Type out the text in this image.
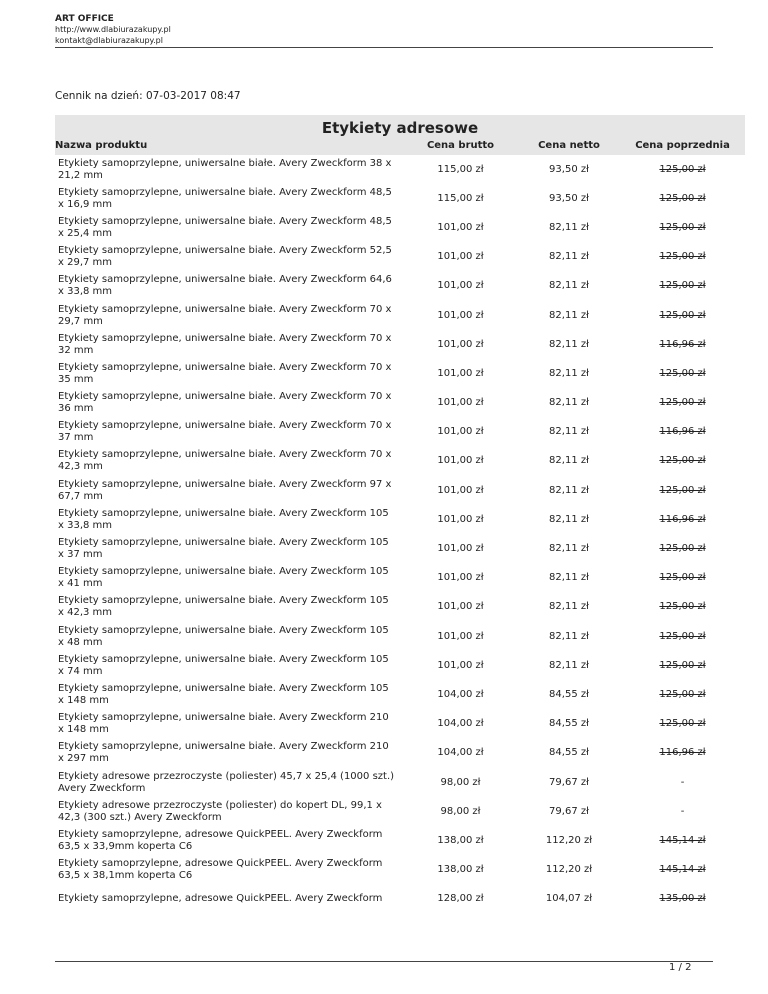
ART OFFICE
http://www.dlabiurazakupy.pl
kontakt@dlabiurazakupy.pl
Cennik na dzień: 07-03-2017 08:47
Etykiety adresowe			
Nazwa produktu	Cena brutto	Cena netto	Cena poprzednia
Etykiety samoprzylepne, uniwersalne białe. Avery Zweckform 38 x 21,2 mm	115,00 zł	93,50 zł	125,00 zł
Etykiety samoprzylepne, uniwersalne białe. Avery Zweckform 48,5 x 16,9 mm	115,00 zł	93,50 zł	125,00 zł
Etykiety samoprzylepne, uniwersalne białe. Avery Zweckform 48,5 x 25,4 mm	101,00 zł	82,11 zł	125,00 zł
Etykiety samoprzylepne, uniwersalne białe. Avery Zweckform 52,5 x 29,7 mm	101,00 zł	82,11 zł	125,00 zł
Etykiety samoprzylepne, uniwersalne białe. Avery Zweckform 64,6 x 33,8 mm	101,00 zł	82,11 zł	125,00 zł
Etykiety samoprzylepne, uniwersalne białe. Avery Zweckform 70 x 29,7 mm	101,00 zł	82,11 zł	125,00 zł
Etykiety samoprzylepne, uniwersalne białe. Avery Zweckform 70 x 32 mm	101,00 zł	82,11 zł	116,96 zł
Etykiety samoprzylepne, uniwersalne białe. Avery Zweckform 70 x 35 mm	101,00 zł	82,11 zł	125,00 zł
Etykiety samoprzylepne, uniwersalne białe. Avery Zweckform 70 x 36 mm	101,00 zł	82,11 zł	125,00 zł
Etykiety samoprzylepne, uniwersalne białe. Avery Zweckform 70 x 37 mm	101,00 zł	82,11 zł	116,96 zł
Etykiety samoprzylepne, uniwersalne białe. Avery Zweckform 70 x 42,3 mm	101,00 zł	82,11 zł	125,00 zł
Etykiety samoprzylepne, uniwersalne białe. Avery Zweckform 97 x 67,7 mm	101,00 zł	82,11 zł	125,00 zł
Etykiety samoprzylepne, uniwersalne białe. Avery Zweckform 105 x 33,8 mm	101,00 zł	82,11 zł	116,96 zł
Etykiety samoprzylepne, uniwersalne białe. Avery Zweckform 105 x 37 mm	101,00 zł	82,11 zł	125,00 zł
Etykiety samoprzylepne, uniwersalne białe. Avery Zweckform 105 x 41 mm	101,00 zł	82,11 zł	125,00 zł
Etykiety samoprzylepne, uniwersalne białe. Avery Zweckform 105 x 42,3 mm	101,00 zł	82,11 zł	125,00 zł
Etykiety samoprzylepne, uniwersalne białe. Avery Zweckform 105 x 48 mm	101,00 zł	82,11 zł	125,00 zł
Etykiety samoprzylepne, uniwersalne białe. Avery Zweckform 105 x 74 mm	101,00 zł	82,11 zł	125,00 zł
Etykiety samoprzylepne, uniwersalne białe. Avery Zweckform 105 x 148 mm	104,00 zł	84,55 zł	125,00 zł
Etykiety samoprzylepne, uniwersalne białe. Avery Zweckform 210 x 148 mm	104,00 zł	84,55 zł	125,00 zł
Etykiety samoprzylepne, uniwersalne białe. Avery Zweckform 210 x 297 mm	104,00 zł	84,55 zł	116,96 zł
Etykiety adresowe przezroczyste (poliester) 45,7 x 25,4 (1000 szt.) Avery Zweckform	98,00 zł	79,67 zł	-
Etykiety adresowe przezroczyste (poliester) do kopert DL, 99,1 x 42,3 (300 szt.) Avery Zweckform	98,00 zł	79,67 zł	-
Etykiety samoprzylepne, adresowe QuickPEEL. Avery Zweckform 63,5 x 33,9mm koperta C6	138,00 zł	112,20 zł	145,14 zł
Etykiety samoprzylepne, adresowe QuickPEEL. Avery Zweckform 63,5 x 38,1mm koperta C6	138,00 zł	112,20 zł	145,14 zł
Etykiety samoprzylepne, adresowe QuickPEEL. Avery Zweckform	128,00 zł	104,07 zł	135,00 zł
1 / 2
